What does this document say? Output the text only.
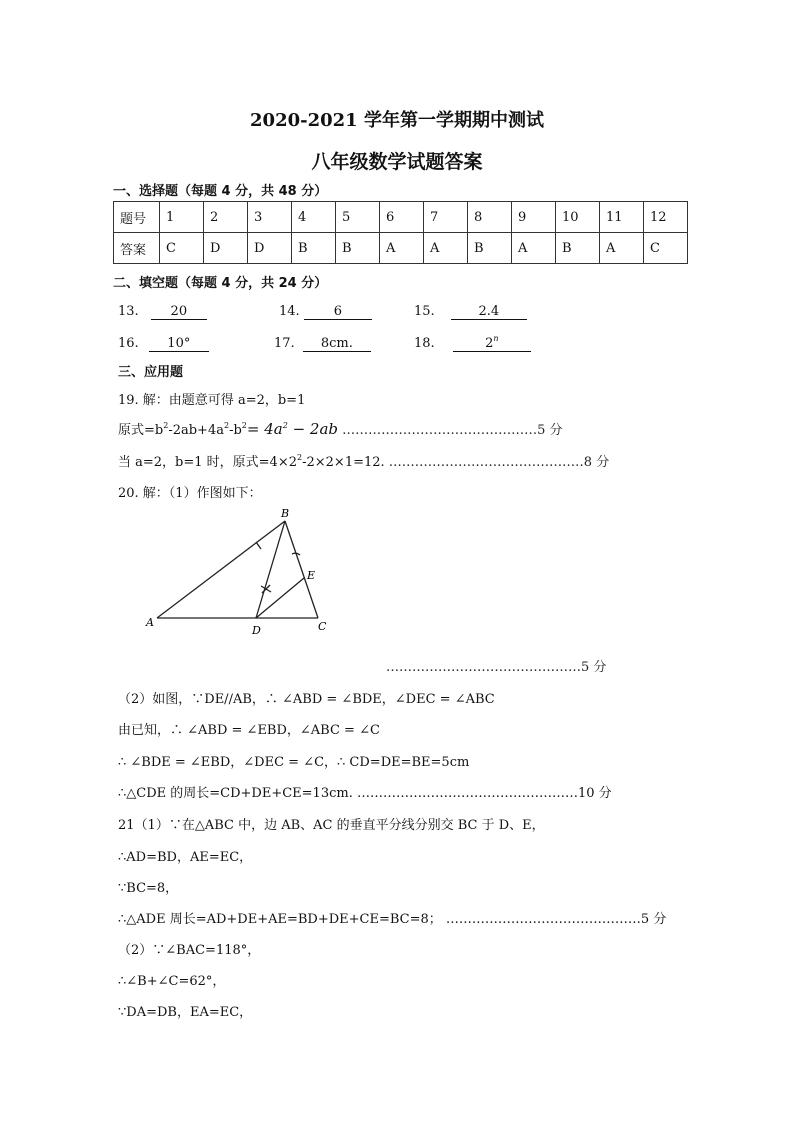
2020-2021 学年第一学期期中测试
八年级数学试题答案
一、选择题（每题 4 分，共 48 分）
题号	1	2	3	4	5	6	7	8	9	10	11	12
答案	C	D	D	B	B	A	A	B	A	B	A	C
二、填空题（每题 4 分，共 24 分）
13. 20	14.	6	15.	2.4
16. 10°	17. 8cm.	18.	2$^n$
三、应用题
19. 解：由题意可得 a=2，b=1
原式$=b^2-2ab+4a^2-b^2= 4a^2 - 2ab$ ………………………………………5 分
当 a=2，b=1 时，原式$=4\times 2^2-2\times 2\times 1=12$. ………………………………………8 分
20. 解：（1）作图如下：
A
B
C
D
E
………………………………………5 分
（2）如图，∵DE//AB，∴ ∠ABD = ∠BDE，∠DEC = ∠ABC
由已知，∴ ∠ABD = ∠EBD，∠ABC = ∠C
∴ ∠BDE = ∠EBD，∠DEC = ∠C，∴ CD=DE=BE=5cm
∴△CDE 的周长=CD+DE+CE=13cm. ……………………………………………10 分
21（1）∵在△ABC 中，边 AB、AC 的垂直平分线分别交 BC 于 D、E，
∴AD=BD，AE=EC，
∵BC=8，
∴△ADE 周长=AD+DE+AE=BD+DE+CE=BC=8； ………………………………………5 分
（2）∵∠BAC=118°，
∴∠B+∠C=62°，
∵DA=DB，EA=EC，
